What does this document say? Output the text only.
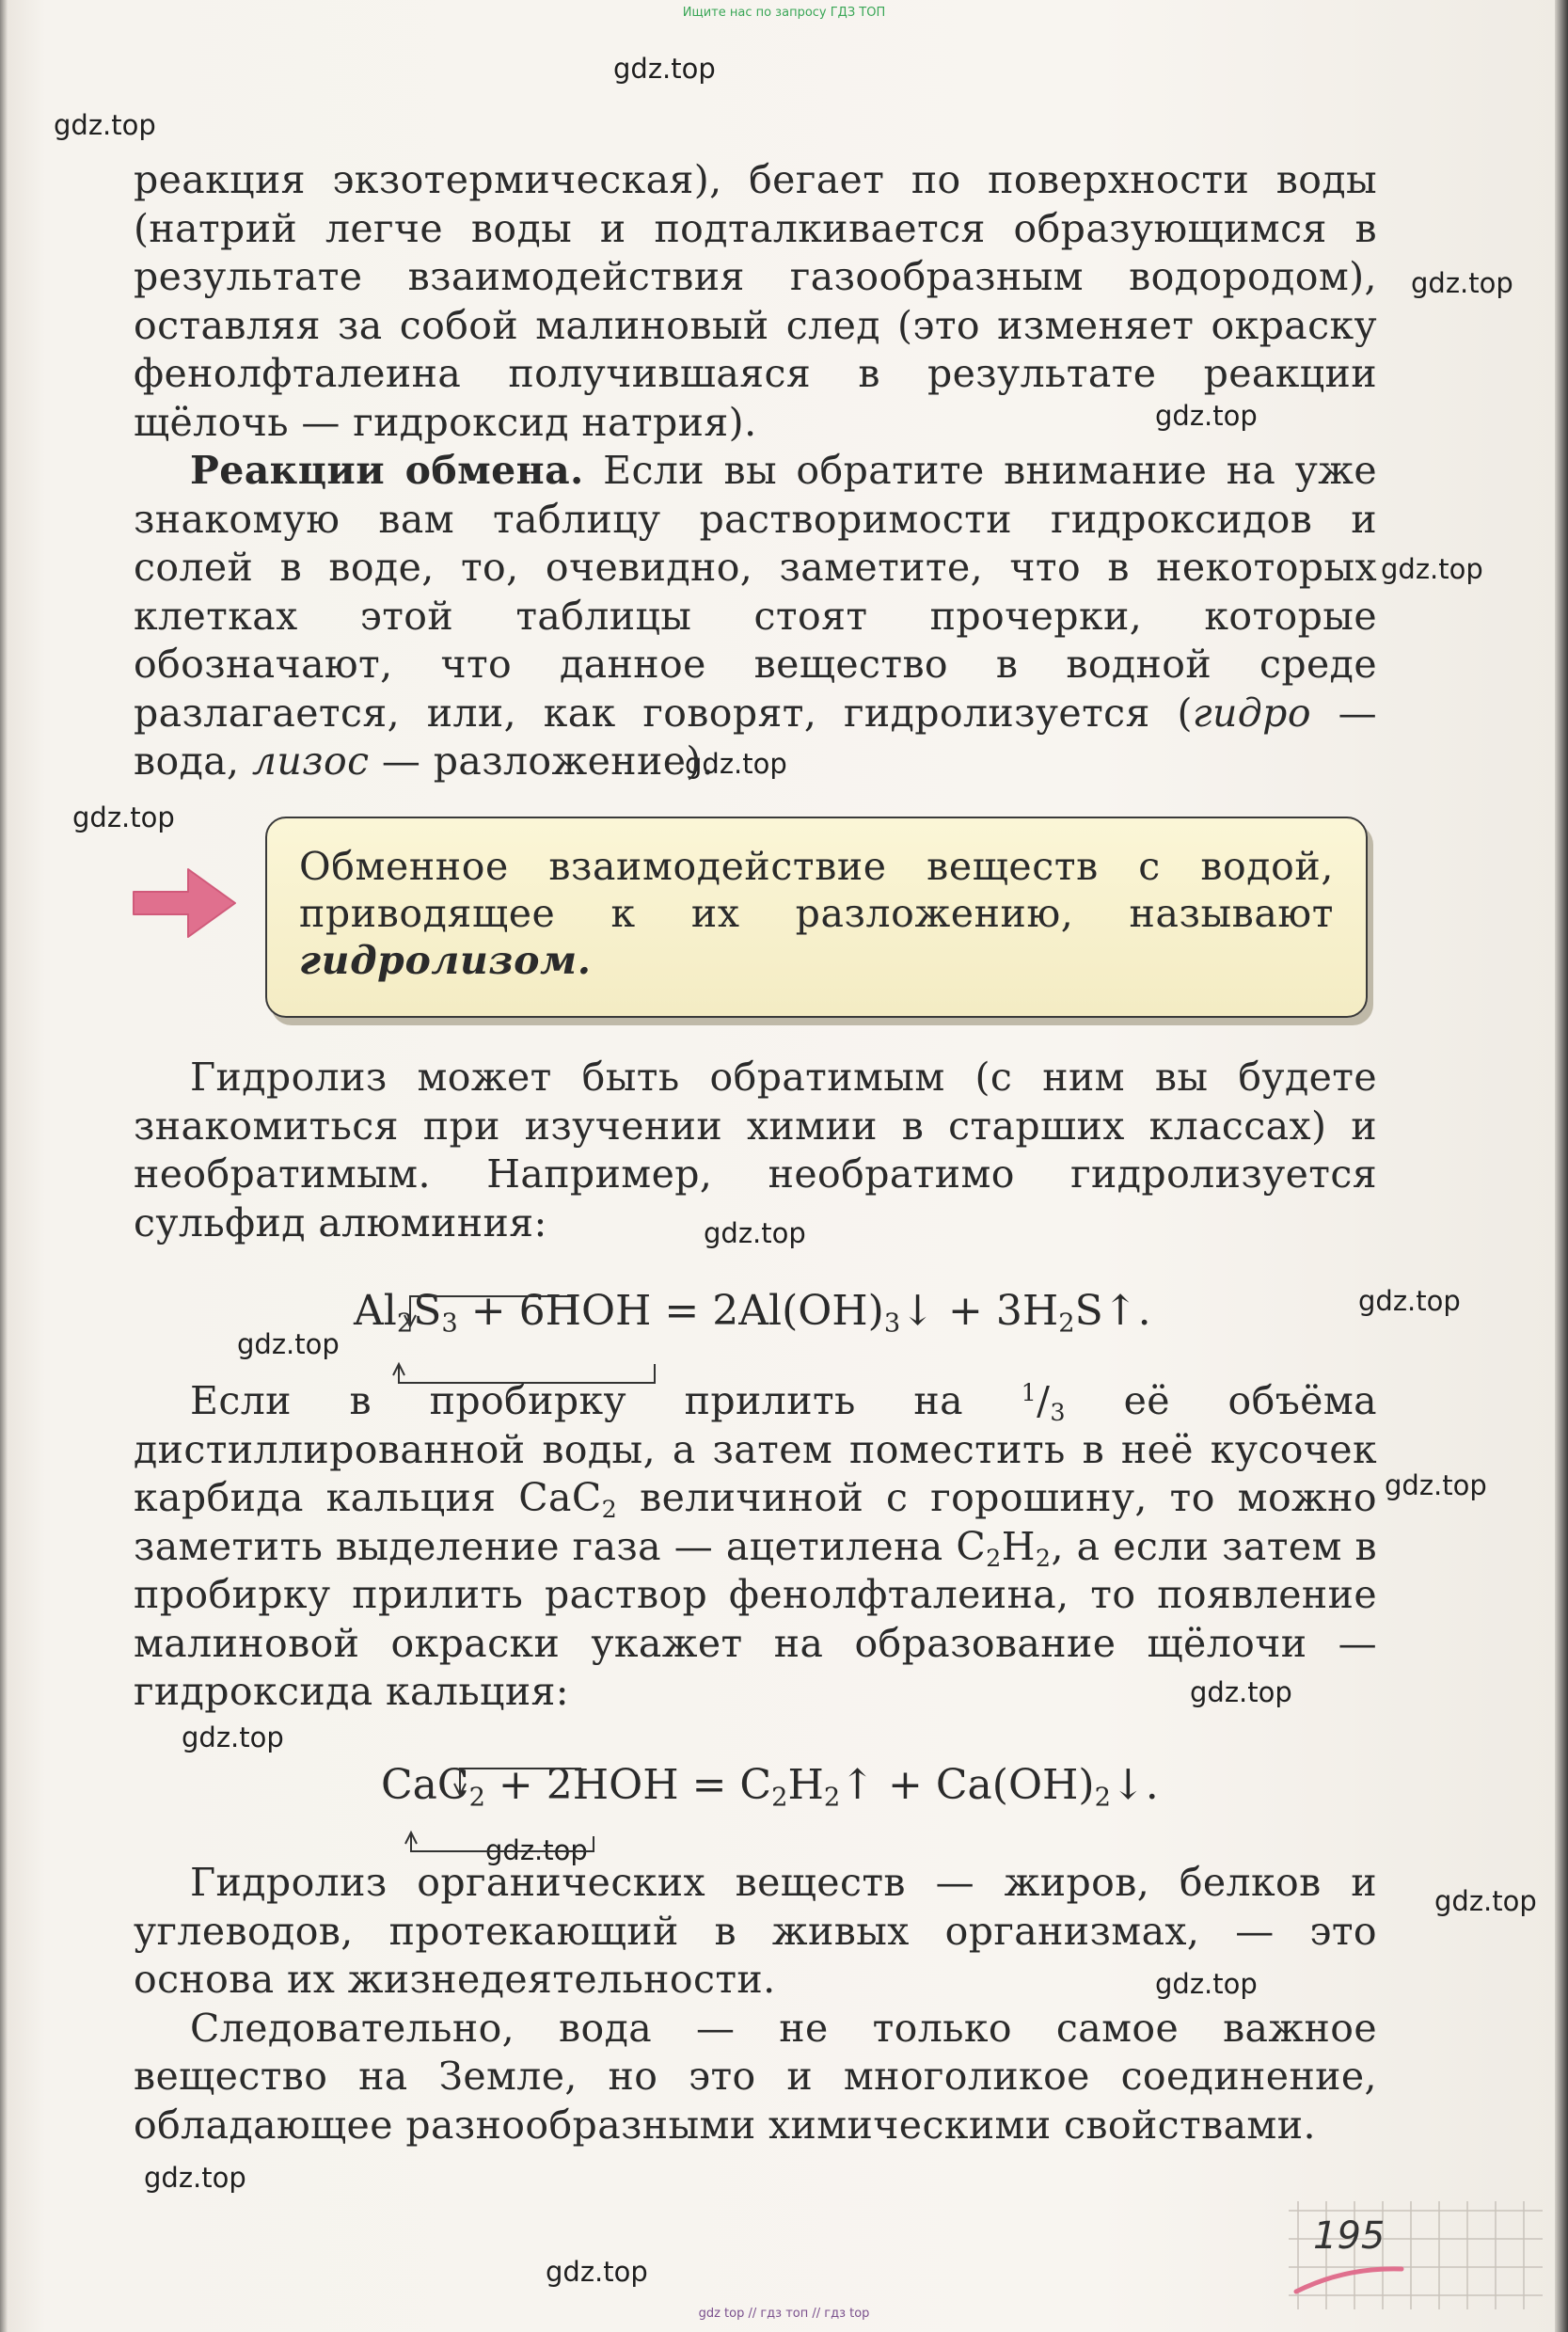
Ищите нас по запросу ГДЗ ТОП
gdz.top
gdz.top
gdz.top
gdz.top
gdz.top
gdz.top
gdz.top
gdz.top
gdz.top
gdz.top
gdz.top
gdz.top
gdz.top
gdz.top
gdz.top
gdz.top
gdz.top
gdz.top

реакция экзотермическая), бегает по поверхности воды (натрий легче воды и подталкивается образующимся в результате взаимодействия газообразным водородом), оставляя за собой малиновый след (это изменяет окраску фенолфталеина получившаяся в результате реакции щёлочь — гидроксид натрия).

Реакции обмена. Если вы обратите внимание на уже знакомую вам таблицу растворимости гидроксидов и солей в воде, то, очевидно, заметите, что в некоторых клетках этой таблицы стоят прочерки, которые обозначают, что данное вещество в водной среде разлагается, или, как говорят, гидролизуется (гидро — вода, лизос — разложение).

Обменное взаимодействие веществ с водой, приводящее к их разложению, называют гидролизом.

Гидролиз может быть обратимым (с ним вы будете знакомиться при изучении химии в старших классах) и необратимым. Например, необратимо гидролизуется сульфид алюминия:

$Al_2S_3 + 6HOH$ = $2Al(OH)_3↓$ + $3H_2S↑$.

Если в пробирку прилить на $^1/_3$ её объёма дистиллированной воды, а затем поместить в неё кусочек карбида кальция CaC$_2$ величиной с горошину, то можно заметить выделение газа — ацетилена $C_2H_2$, а если затем в пробирку прилить раствор фенолфталеина, то появление малиновой окраски укажет на образование щёлочи — гидроксида кальция:

$CaC_2 + 2HOH = C_2H_2↑$ + $Ca(OH)_2↓$.

Гидролиз органических веществ — жиров, белков и углеводов, протекающий в живых организмах, — это основа их жизнедеятельности.

Следовательно, вода — не только самое важное вещество на Земле, но это и многоликое соединение, обладающее разнообразными химическими свойствами.

195
gdz top // гдз топ // гдз top
